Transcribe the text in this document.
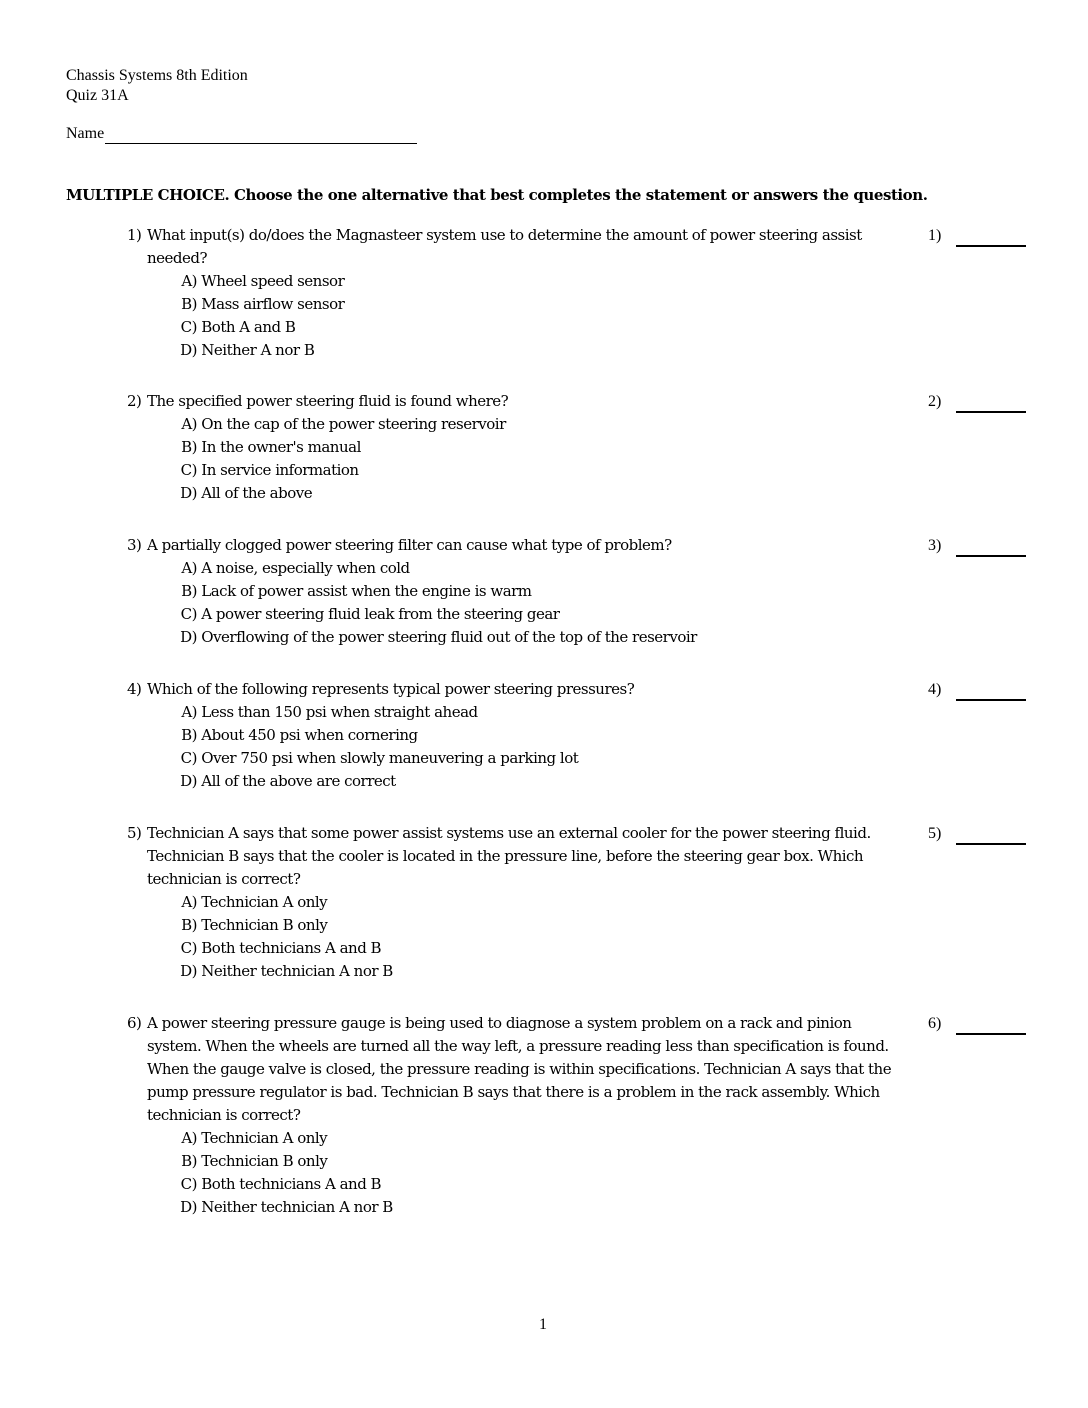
Chassis Systems 8th Edition
Quiz 31A
Name
MULTIPLE CHOICE. Choose the one alternative that best completes the statement or answers the question.
1) What input(s) do/does the Magnasteer system use to determine the amount of power steering assist needed?
A) Wheel speed sensor
B) Mass airflow sensor
C) Both A and B
D) Neither A nor B
1)
2) The specified power steering fluid is found where?
A) On the cap of the power steering reservoir
B) In the owner's manual
C) In service information
D) All of the above
2)
3) A partially clogged power steering filter can cause what type of problem?
A) A noise, especially when cold
B) Lack of power assist when the engine is warm
C) A power steering fluid leak from the steering gear
D) Overflowing of the power steering fluid out of the top of the reservoir
3)
4) Which of the following represents typical power steering pressures?
A) Less than 150 psi when straight ahead
B) About 450 psi when cornering
C) Over 750 psi when slowly maneuvering a parking lot
D) All of the above are correct
4)
5) Technician A says that some power assist systems use an external cooler for the power steering fluid. Technician B says that the cooler is located in the pressure line, before the steering gear box. Which technician is correct?
A) Technician A only
B) Technician B only
C) Both technicians A and B
D) Neither technician A nor B
5)
6) A power steering pressure gauge is being used to diagnose a system problem on a rack and pinion system. When the wheels are turned all the way left, a pressure reading less than specification is found. When the gauge valve is closed, the pressure reading is within specifications. Technician A says that the pump pressure regulator is bad. Technician B says that there is a problem in the rack assembly. Which technician is correct?
A) Technician A only
B) Technician B only
C) Both technicians A and B
D) Neither technician A nor B
6)
1
